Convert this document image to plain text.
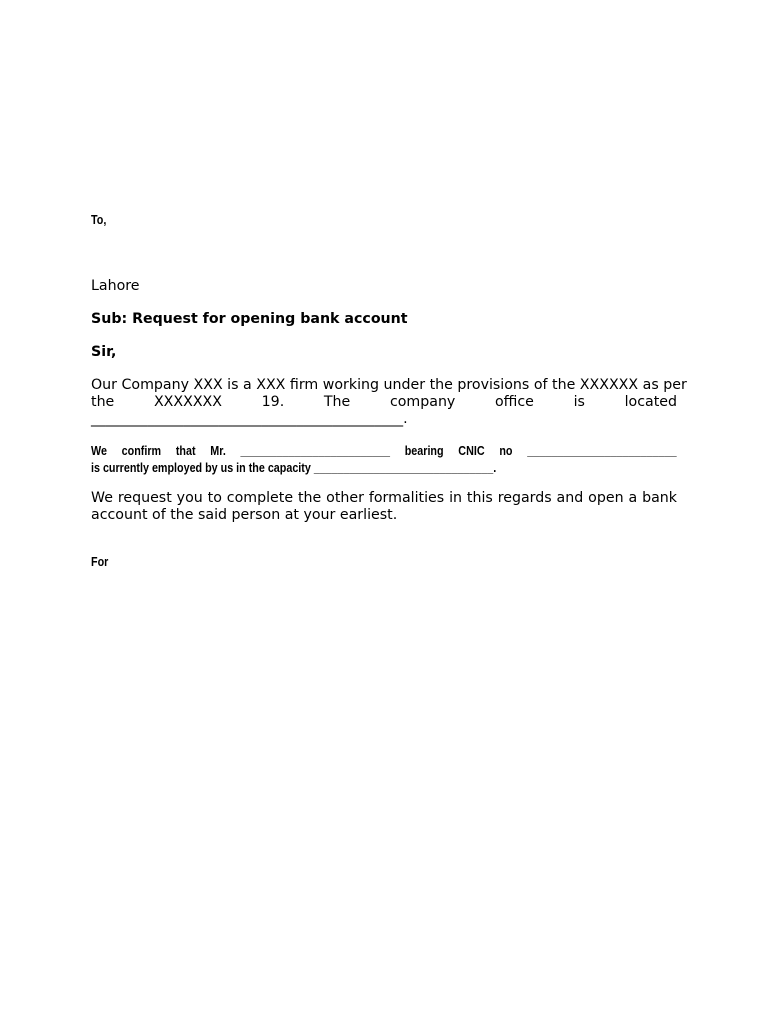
To,

Lahore

Sub: Request for opening bank account

Sir,

Our Company XXX is a XXX firm working under the provisions of the XXXXXX as per
the	XXXXXXX	19.	The	company	office	is	located
____________________________________________.
We confirm that Mr. _________________________ bearing CNIC no _________________________
is currently employed by us in the capacity ______________________________.
We request you to complete the other formalities in this regards and open a bank
account of the said person at your earliest.

For
